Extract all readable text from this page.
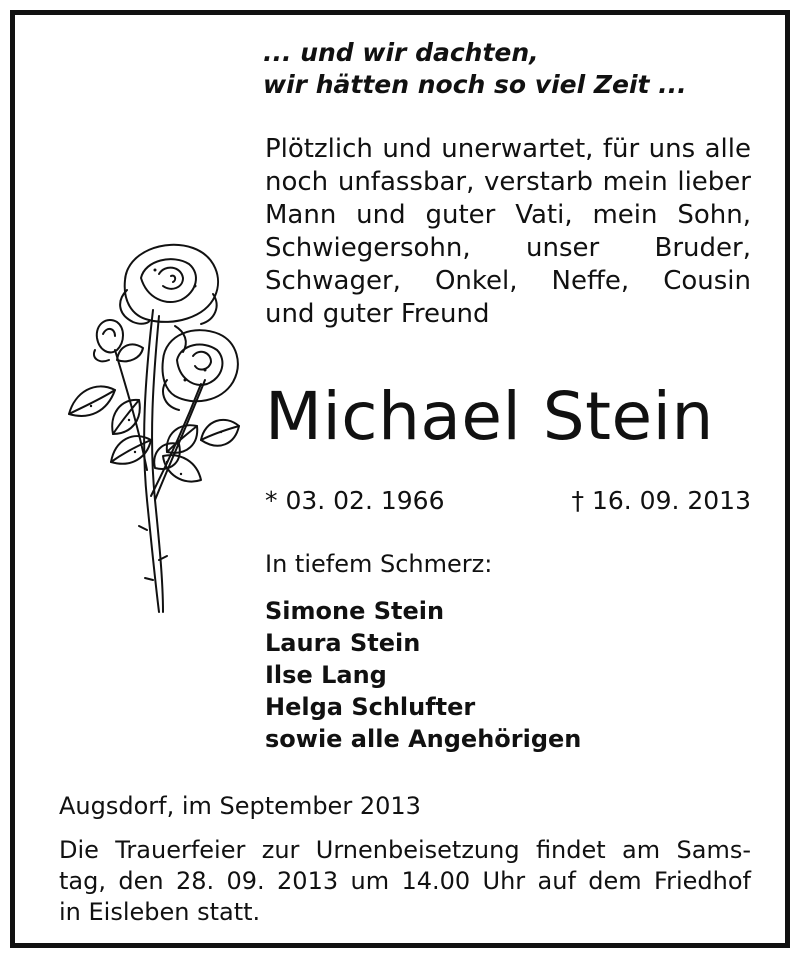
... und wir dachten,
wir hätten noch so viel Zeit ...
Plötzlich und unerwartet, für uns alle
noch unfassbar, verstarb mein lieber
Mann und guter Vati, mein Sohn,
Schwiegersohn, unser Bruder,
Schwager, Onkel, Neffe, Cousin
und guter Freund
Michael Stein
* 03. 02. 1966	† 16. 09. 2013
In tiefem Schmerz:
Simone Stein
Laura Stein
Ilse Lang
Helga Schlufter
sowie alle Angehörigen
Augsdorf, im September 2013
Die Trauerfeier zur Urnenbeisetzung findet am Sams-
tag, den 28. 09. 2013 um 14.00 Uhr auf dem Friedhof
in Eisleben statt.
